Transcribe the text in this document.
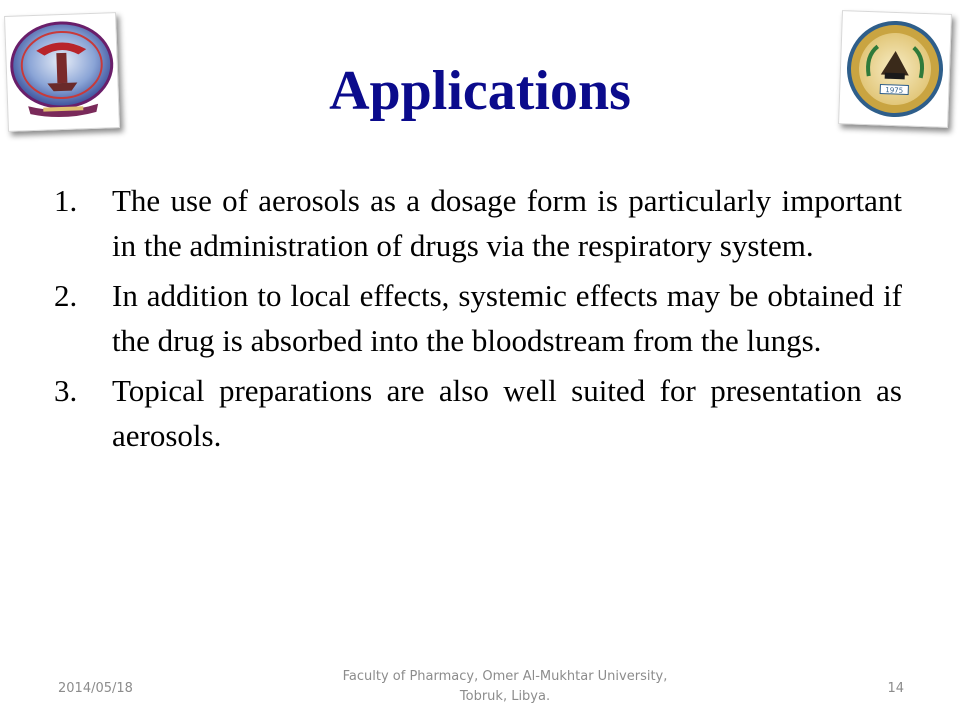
1975
Applications
1.	The use of aerosols as a dosage form is particularly important in the administration of drugs via the respiratory system.
2.	In addition to local effects, systemic effects may be obtained if the drug is absorbed into the bloodstream from the lungs.
3.	Topical preparations are also well suited for presentation as aerosols.
2014/05/18
Faculty of Pharmacy, Omer Al-Mukhtar University, Tobruk, Libya.
14
